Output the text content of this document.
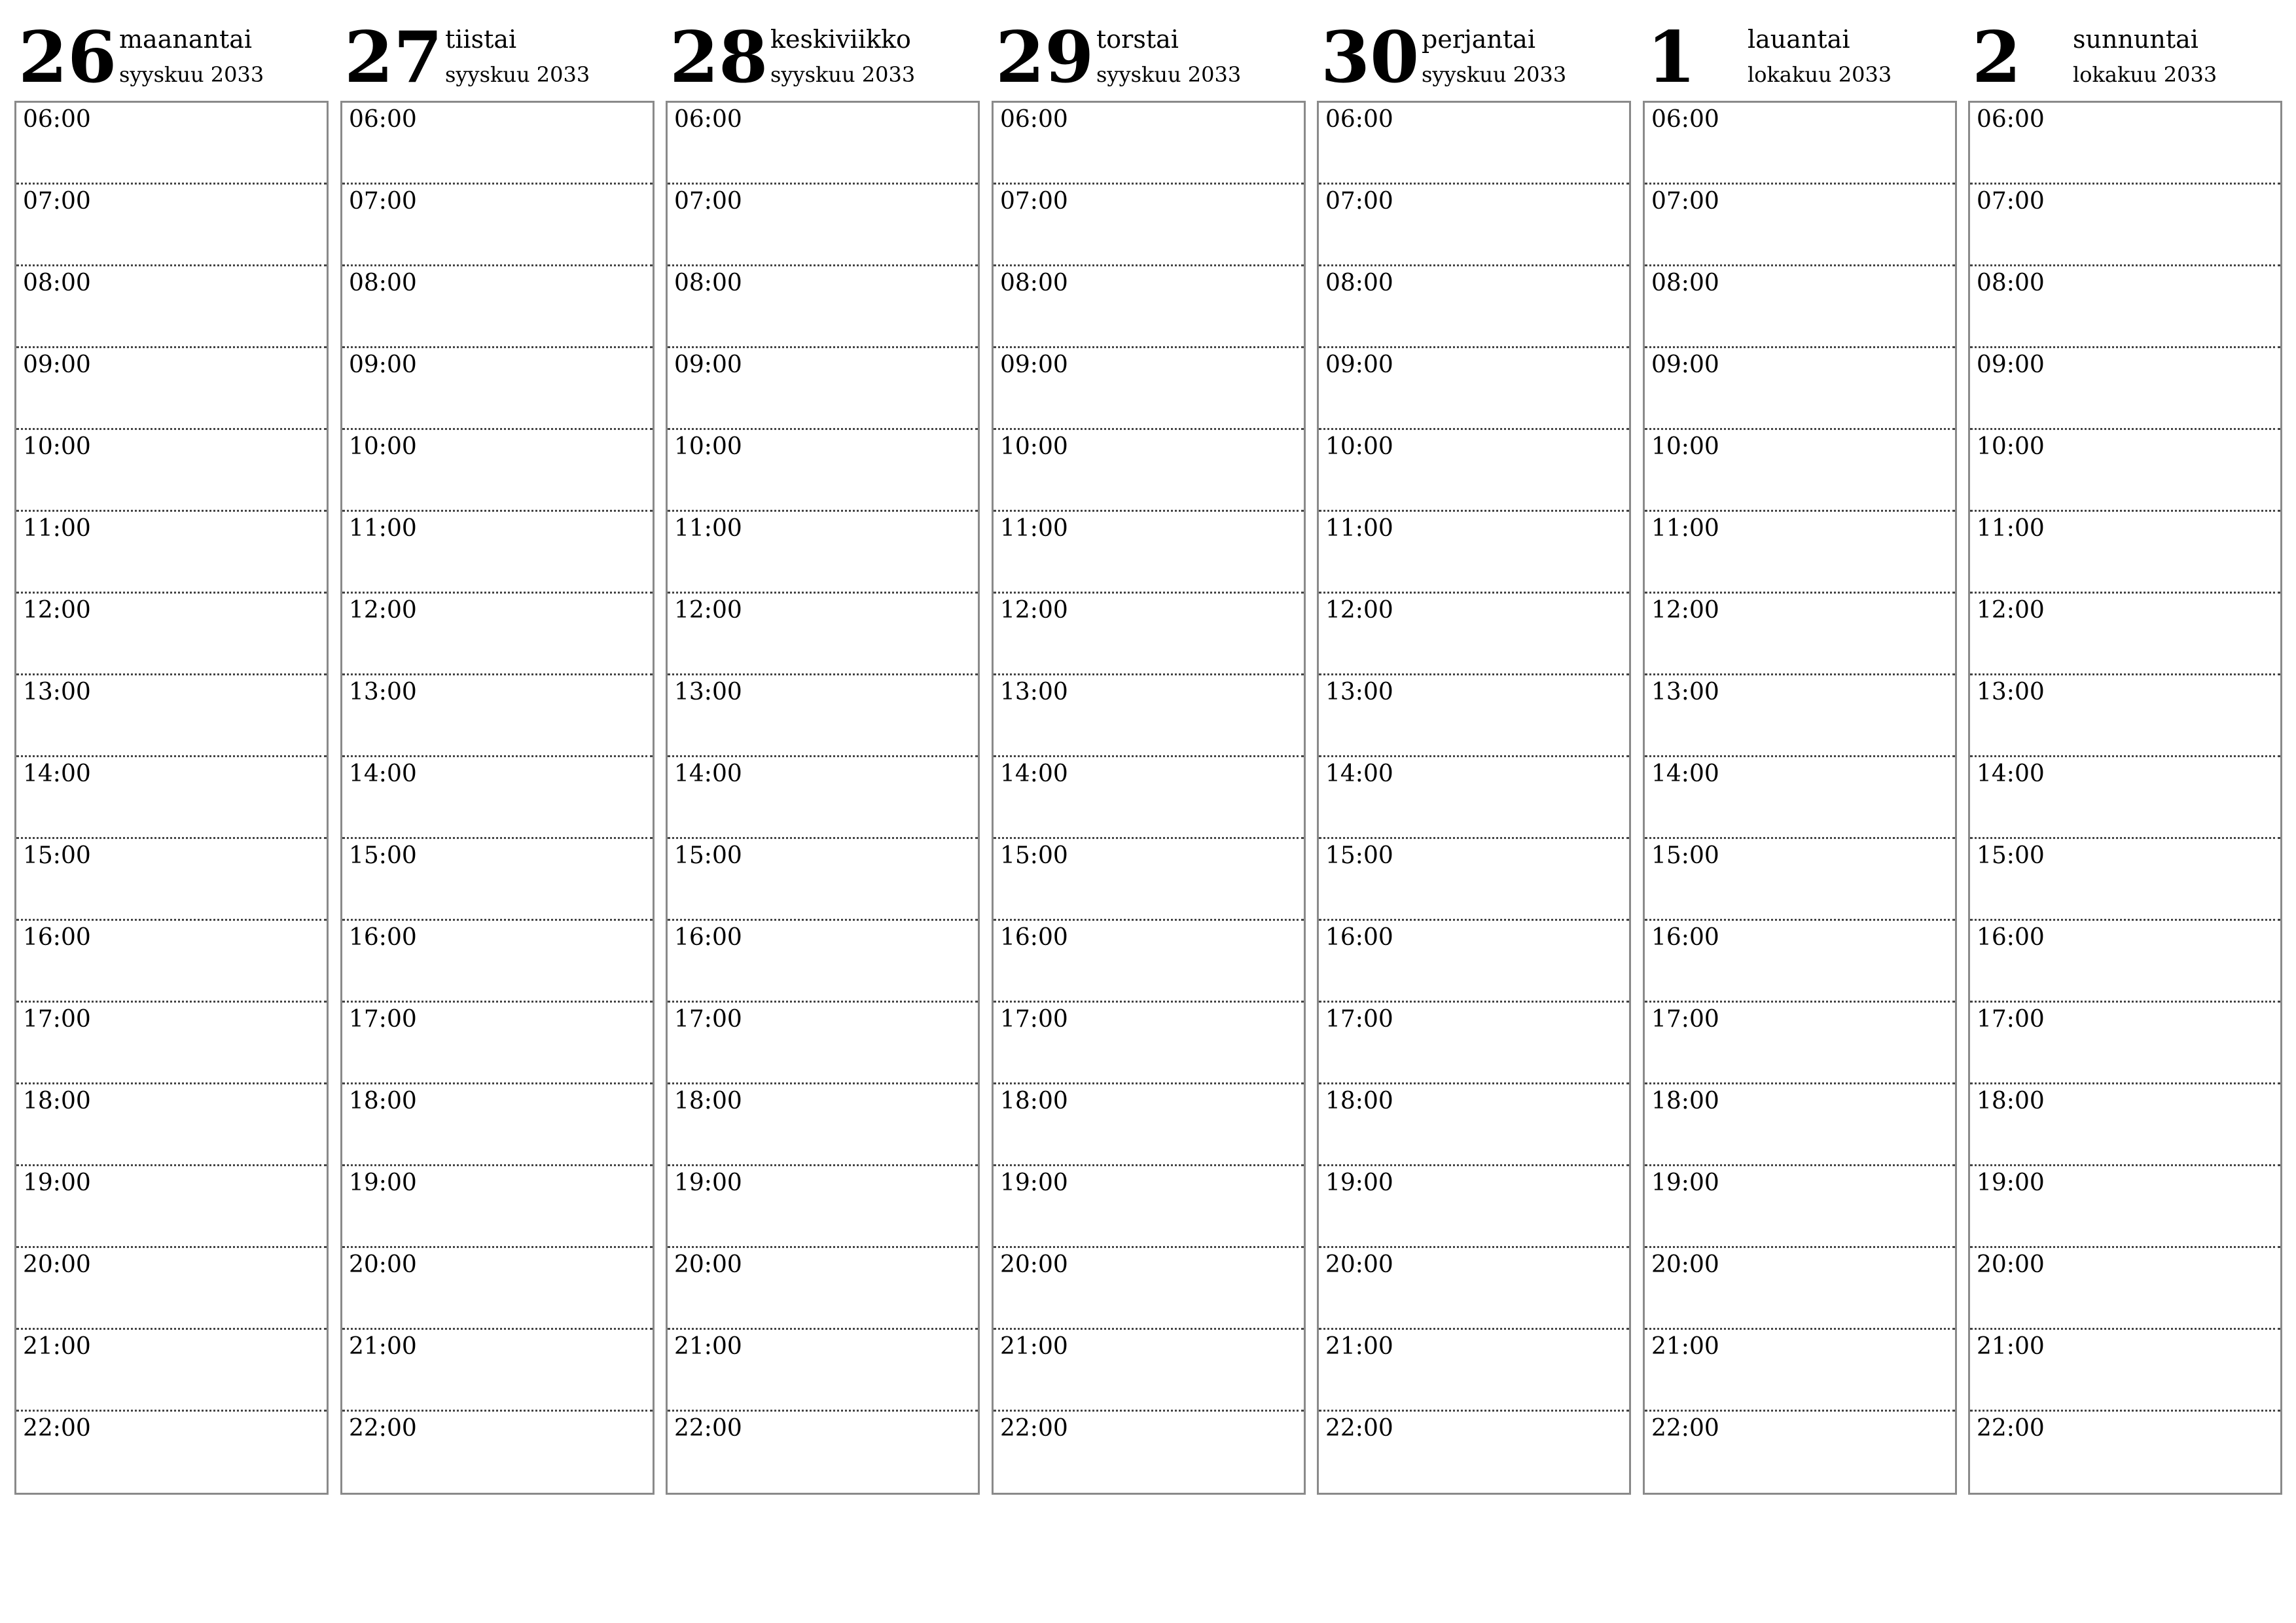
26 maanantai
syyskuu 2033
06:00
07:00
08:00
09:00
10:00
11:00
12:00
13:00
14:00
15:00
16:00
17:00
18:00
19:00
20:00
21:00
22:00
27 tiistai
syyskuu 2033
06:00
07:00
08:00
09:00
10:00
11:00
12:00
13:00
14:00
15:00
16:00
17:00
18:00
19:00
20:00
21:00
22:00
28 keskiviikko
syyskuu 2033
06:00
07:00
08:00
09:00
10:00
11:00
12:00
13:00
14:00
15:00
16:00
17:00
18:00
19:00
20:00
21:00
22:00
29 torstai
syyskuu 2033
06:00
07:00
08:00
09:00
10:00
11:00
12:00
13:00
14:00
15:00
16:00
17:00
18:00
19:00
20:00
21:00
22:00
30 perjantai
syyskuu 2033
06:00
07:00
08:00
09:00
10:00
11:00
12:00
13:00
14:00
15:00
16:00
17:00
18:00
19:00
20:00
21:00
22:00
1 lauantai
lokakuu 2033
06:00
07:00
08:00
09:00
10:00
11:00
12:00
13:00
14:00
15:00
16:00
17:00
18:00
19:00
20:00
21:00
22:00
2 sunnuntai
lokakuu 2033
06:00
07:00
08:00
09:00
10:00
11:00
12:00
13:00
14:00
15:00
16:00
17:00
18:00
19:00
20:00
21:00
22:00
